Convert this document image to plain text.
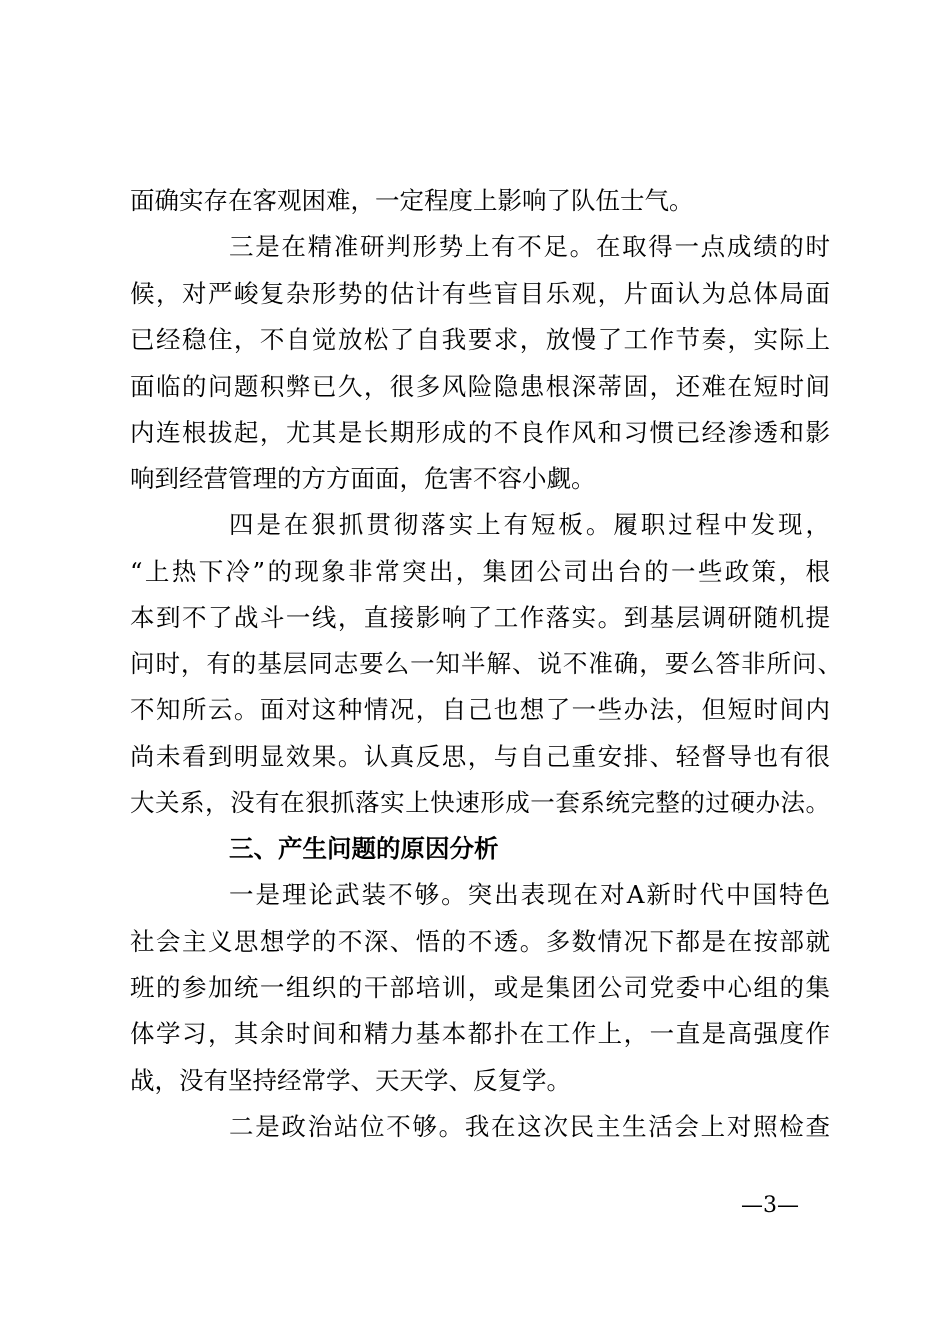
面确实存在客观困难，一定程度上影响了队伍士气。
三是在精准研判形势上有不足。在取得一点成绩的时
候，对严峻复杂形势的估计有些盲目乐观，片面认为总体局面
已经稳住，不自觉放松了自我要求，放慢了工作节奏，实际上
面临的问题积弊已久，很多风险隐患根深蒂固，还难在短时间
内连根拔起，尤其是长期形成的不良作风和习惯已经渗透和影
响到经营管理的方方面面，危害不容小觑。
四是在狠抓贯彻落实上有短板。履职过程中发现，
“上热下冷”的现象非常突出，集团公司出台的一些政策，根
本到不了战斗一线，直接影响了工作落实。到基层调研随机提
问时，有的基层同志要么一知半解、说不准确，要么答非所问、
不知所云。面对这种情况，自己也想了一些办法，但短时间内
尚未看到明显效果。认真反思，与自己重安排、轻督导也有很
大关系，没有在狠抓落实上快速形成一套系统完整的过硬办法。
三、产生问题的原因分析
一是理论武装不够。突出表现在对A新时代中国特色
社会主义思想学的不深、悟的不透。多数情况下都是在按部就
班的参加统一组织的干部培训，或是集团公司党委中心组的集
体学习，其余时间和精力基本都扑在工作上，一直是高强度作
战，没有坚持经常学、天天学、反复学。
二是政治站位不够。我在这次民主生活会上对照检查
—3—
